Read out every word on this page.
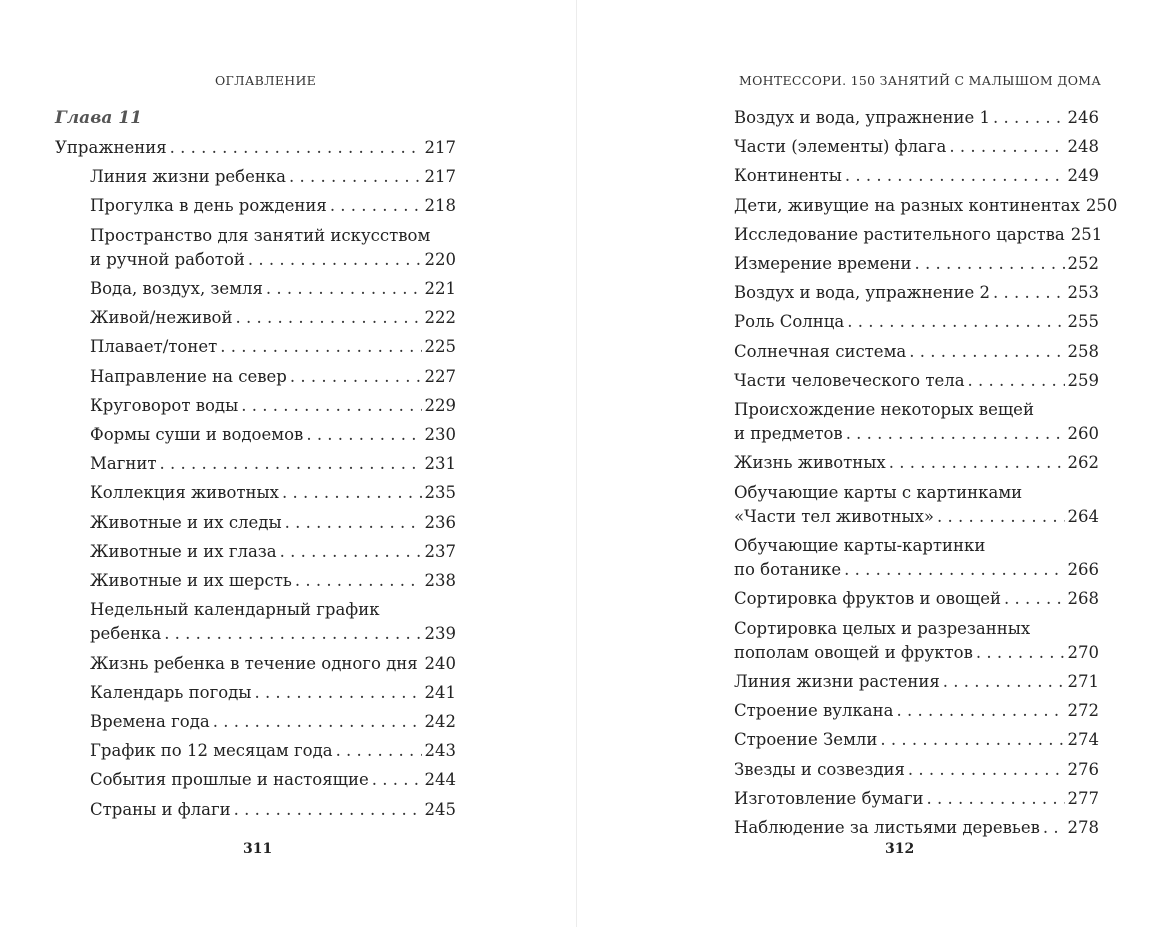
ОГЛАВЛЕНИЕ
Глава 11
Упражнения . . .	217
Линия жизни ребенка . . .	217
Прогулка в день рождения . . .	218
Пространство для занятий искусством
и ручной работой . . .	220
Вода, воздух, земля . . .	221
Живой/неживой . . .	222
Плавает/тонет . . .	225
Направление на север . . .	227
Круговорот воды . . .	229
Формы суши и водоемов . . .	230
Магнит . . .	231
Коллекция животных . . .	235
Животные и их следы . . .	236
Животные и их глаза . . .	237
Животные и их шерсть . . .	238
Недельный календарный график
ребенка . . .	239
Жизнь ребенка в течение одного дня . . . 240
Календарь погоды . . .	241
Времена года . . .	242
График по 12 месяцам года . . .	243
События прошлые и настоящие . . .	244
Страны и флаги . . .	245
311
МОНТЕССОРИ. 150 ЗАНЯТИЙ С МАЛЫШОМ ДОМА
Воздух и вода, упражнение 1 . . .	246
Части (элементы) флага . . .	248
Континенты . . .	249
Дети, живущие на разных континентах 250
Исследование растительного царства 251
Измерение времени . . .	252
Воздух и вода, упражнение 2 . . .	253
Роль Солнца . . .	255
Солнечная система . . .	258
Части человеческого тела . . .	259
Происхождение некоторых вещей
и предметов . . .	260
Жизнь животных . . .	262
Обучающие карты с картинками
«Части тел животных» . . .	264
Обучающие карты-картинки
по ботанике . . .	266
Сортировка фруктов и овощей . . .	268
Сортировка целых и разрезанных
пополам овощей и фруктов . . .	270
Линия жизни растения . . .	271
Строение вулкана . . .	272
Строение Земли . . .	274
Звезды и созвездия . . .	276
Изготовление бумаги . . .	277
Наблюдение за листьями деревьев . . . 278
312
